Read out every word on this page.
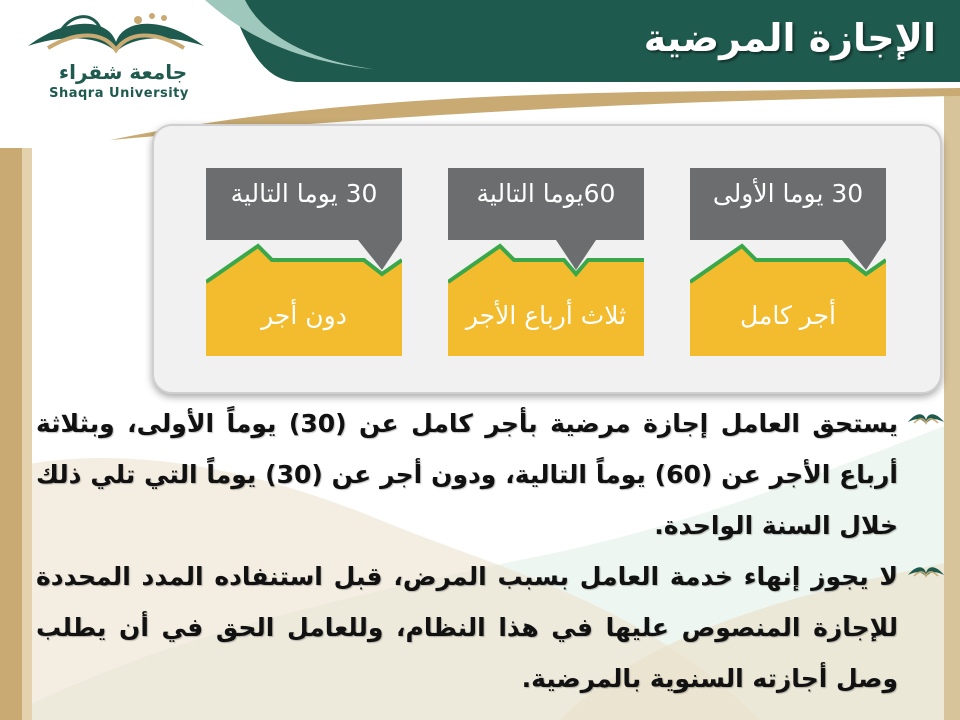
الإجازة المرضية
جامعة شقراء
Shaqra University
30 يوما الأولى
أجر كامل
60يوما التالية
ثلاث أرباع الأجر
30 يوما التالية
دون أجر

يستحق العامل إجازة مرضية بأجر كامل عن (30) يوماً الأولى، وبثلاثة أرباع الأجر عن (60) يوماً التالية، ودون أجر عن (30) يوماً التي تلي ذلك خلال السنة الواحدة.

لا يجوز إنهاء خدمة العامل بسبب المرض، قبل استنفاده المدد المحددة للإجازة المنصوص عليها في هذا النظام، وللعامل الحق في أن يطلب وصل أجازته السنوية بالمرضية.
